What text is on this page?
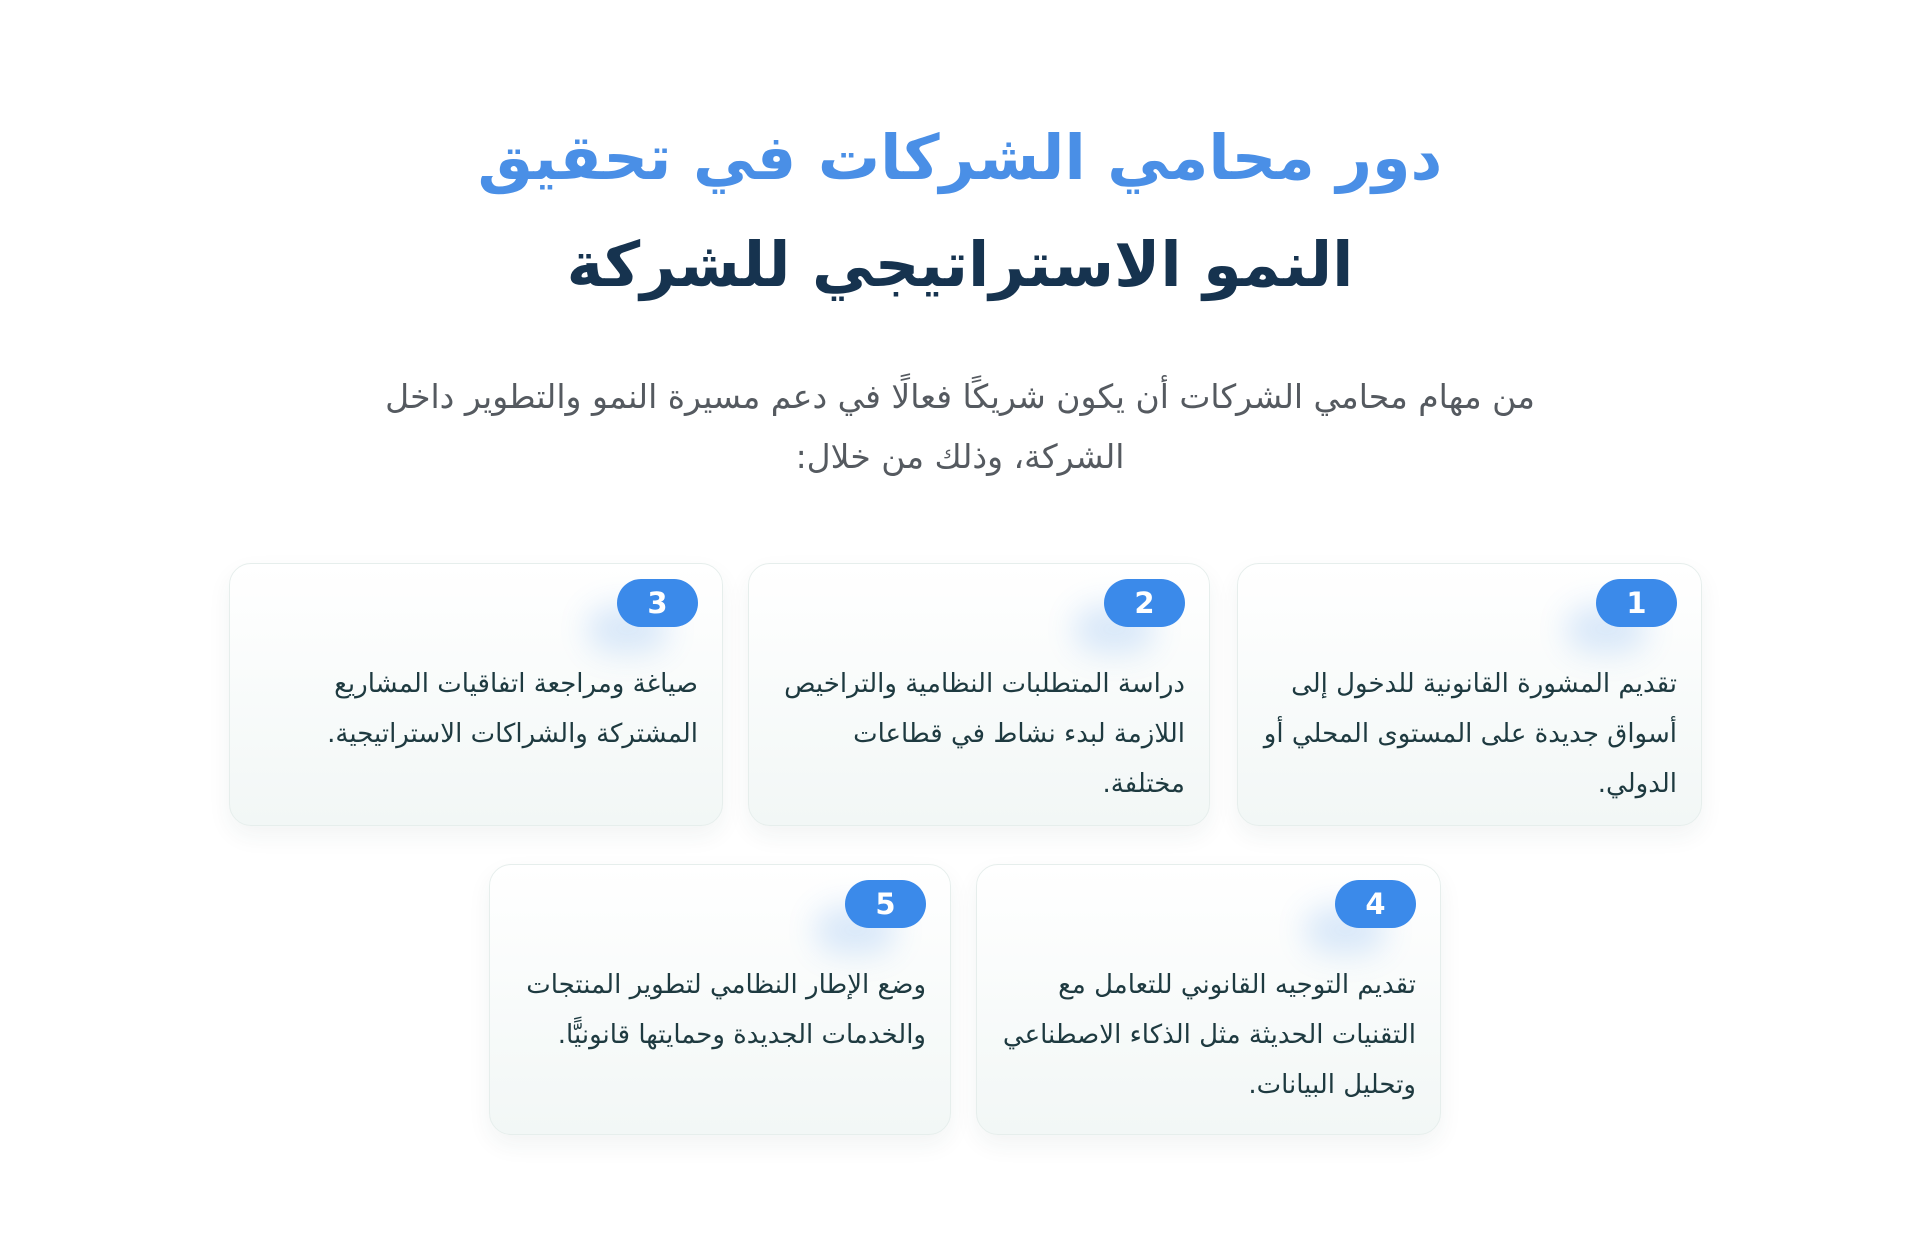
دور محامي الشركات في تحقيق
النمو الاستراتيجي للشركة

من مهام محامي الشركات أن يكون شريكًا فعالًا في دعم مسيرة النمو والتطوير داخل الشركة، وذلك من خلال:

1

تقديم المشورة القانونية للدخول إلى أسواق جديدة على المستوى المحلي أو الدولي.

2

دراسة المتطلبات النظامية والتراخيص اللازمة لبدء نشاط في قطاعات مختلفة.

3

صياغة ومراجعة اتفاقيات المشاريع المشتركة والشراكات الاستراتيجية.

4

تقديم التوجيه القانوني للتعامل مع التقنيات الحديثة مثل الذكاء الاصطناعي وتحليل البيانات.

5

وضع الإطار النظامي لتطوير المنتجات والخدمات الجديدة وحمايتها قانونيًّا.
